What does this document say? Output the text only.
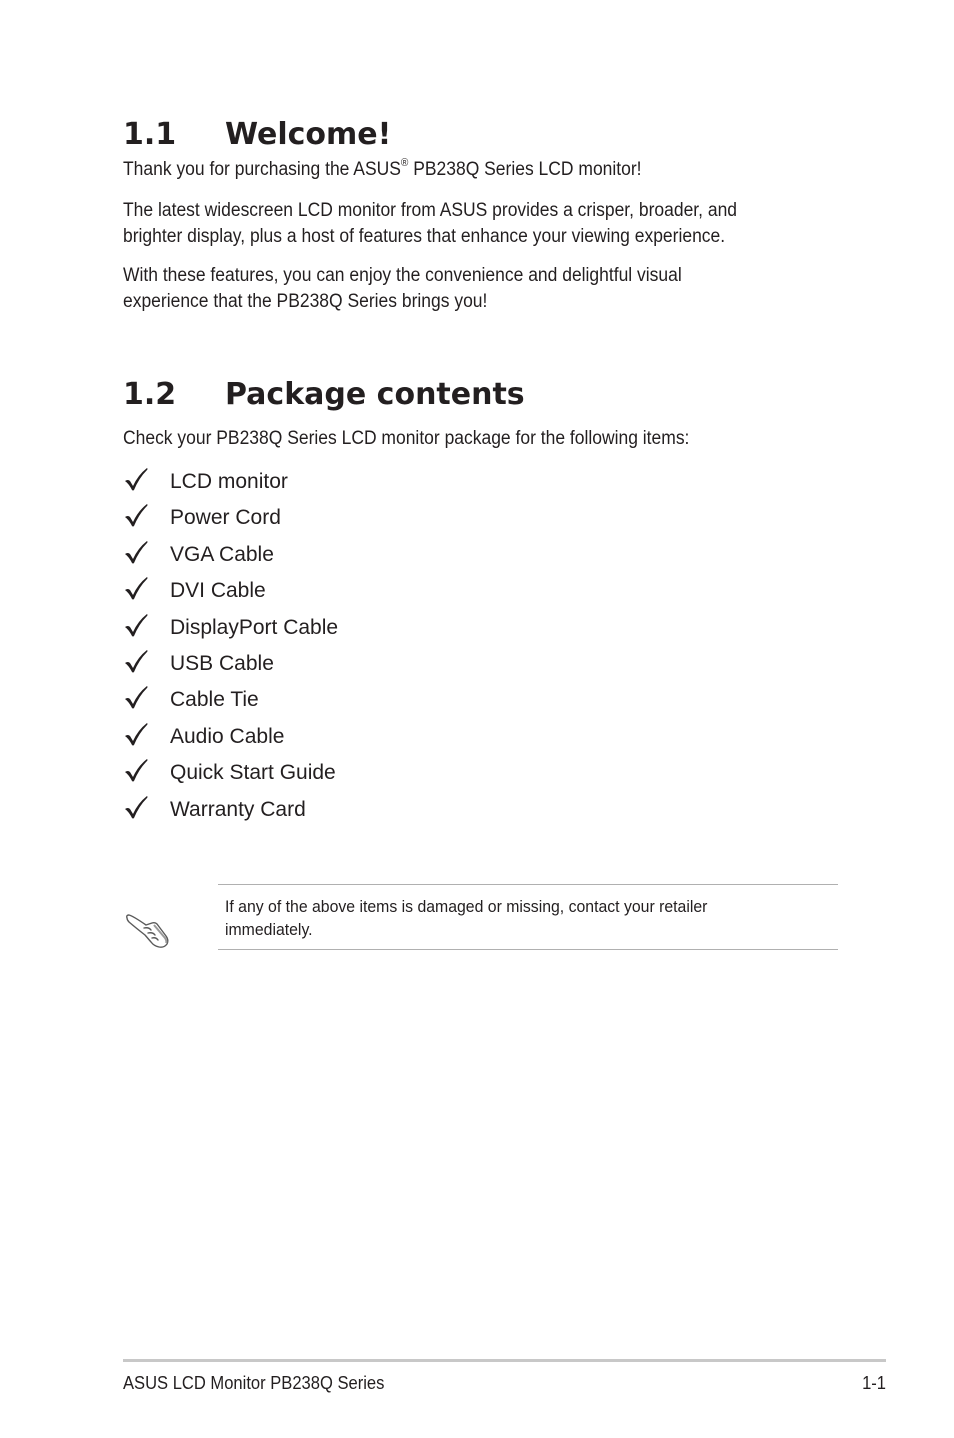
1.1 Welcome!

Thank you for purchasing the ASUS® PB238Q Series LCD monitor!

The latest widescreen LCD monitor from ASUS provides a crisper, broader, and
brighter display, plus a host of features that enhance your viewing experience.

With these features, you can enjoy the convenience and delightful visual
experience that the PB238Q Series brings you!

1.2 Package contents

Check your PB238Q Series LCD monitor package for the following items:

LCD monitor
Power Cord
VGA Cable
DVI Cable
DisplayPort Cable
USB Cable
Cable Tie
Audio Cable
Quick Start Guide
Warranty Card
If any of the above items is damaged or missing, contact your retailer
immediately.
ASUS LCD Monitor PB238Q Series	1-1
